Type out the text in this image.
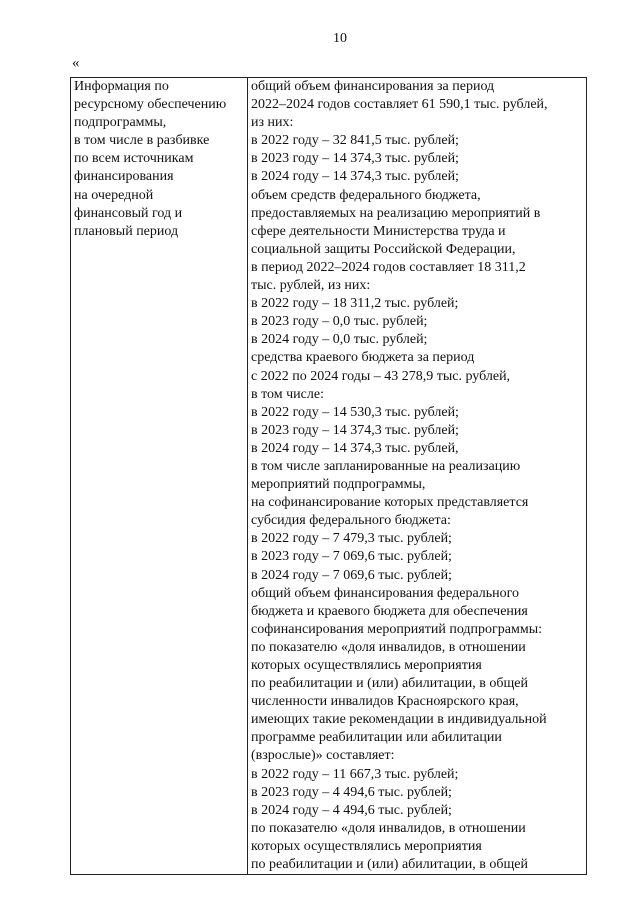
10
«
Информация по
ресурсному обеспечению
подпрограммы,
в том числе в разбивке
по всем источникам
финансирования
на очередной
финансовый год и
плановый период

общий объем финансирования за период
2022–2024 годов составляет 61 590,1 тыс. рублей,
из них:
в 2022 году – 32 841,5 тыс. рублей;
в 2023 году – 14 374,3 тыс. рублей;
в 2024 году – 14 374,3 тыс. рублей;
объем средств федерального бюджета,
предоставляемых на реализацию мероприятий в
сфере деятельности Министерства труда и
социальной защиты Российской Федерации,
в период 2022–2024 годов составляет 18 311,2
тыс. рублей, из них:
в 2022 году – 18 311,2 тыс. рублей;
в 2023 году – 0,0 тыс. рублей;
в 2024 году – 0,0 тыс. рублей;
средства краевого бюджета за период
с 2022 по 2024 годы – 43 278,9 тыс. рублей,
в том числе:
в 2022 году – 14 530,3 тыс. рублей;
в 2023 году – 14 374,3 тыс. рублей;
в 2024 году – 14 374,3 тыс. рублей,
в том числе запланированные на реализацию
мероприятий подпрограммы,
на софинансирование которых представляется
субсидия федерального бюджета:
в 2022 году – 7 479,3 тыс. рублей;
в 2023 году – 7 069,6 тыс. рублей;
в 2024 году – 7 069,6 тыс. рублей;
общий объем финансирования федерального
бюджета и краевого бюджета для обеспечения
софинансирования мероприятий подпрограммы:
по показателю «доля инвалидов, в отношении
которых осуществлялись мероприятия
по реабилитации и (или) абилитации, в общей
численности инвалидов Красноярского края,
имеющих такие рекомендации в индивидуальной
программе реабилитации или абилитации
(взрослые)» составляет:
в 2022 году – 11 667,3 тыс. рублей;
в 2023 году – 4 494,6 тыс. рублей;
в 2024 году – 4 494,6 тыс. рублей;
по показателю «доля инвалидов, в отношении
которых осуществлялись мероприятия
по реабилитации и (или) абилитации, в общей
